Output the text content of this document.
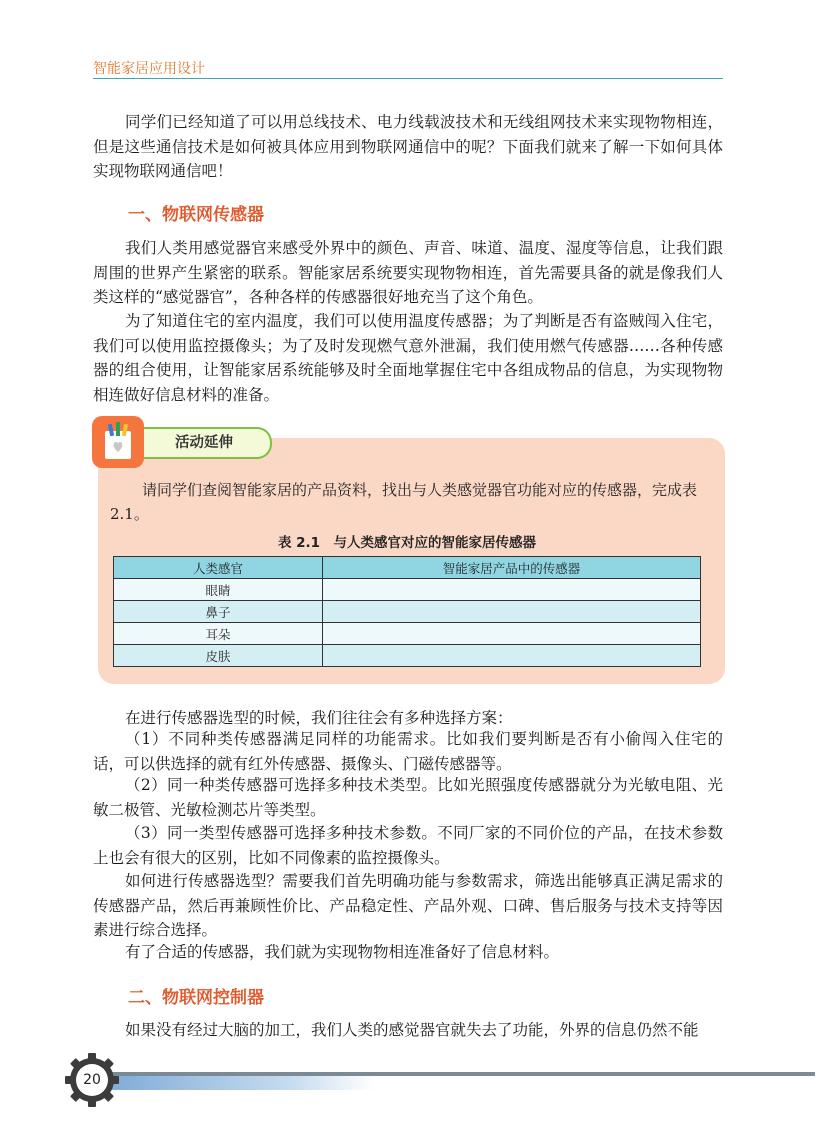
智能家居应用设计

同学们已经知道了可以用总线技术、电力线载波技术和无线组网技术来实现物物相连，但是这些通信技术是如何被具体应用到物联网通信中的呢？下面我们就来了解一下如何具体实现物联网通信吧！

一、物联网传感器

我们人类用感觉器官来感受外界中的颜色、声音、味道、温度、湿度等信息，让我们跟周围的世界产生紧密的联系。智能家居系统要实现物物相连，首先需要具备的就是像我们人类这样的“感觉器官”，各种各样的传感器很好地充当了这个角色。

为了知道住宅的室内温度，我们可以使用温度传感器；为了判断是否有盗贼闯入住宅，我们可以使用监控摄像头；为了及时发现燃气意外泄漏，我们使用燃气传感器……各种传感器的组合使用，让智能家居系统能够及时全面地掌握住宅中各组成物品的信息，为实现物物相连做好信息材料的准备。

活动延伸

请同学们查阅智能家居的产品资料，找出与人类感觉器官功能对应的传感器，完成表 2.1。

表 2.1　与人类感官对应的智能家居传感器
人类感官	智能家居产品中的传感器
眼睛	
鼻子	
耳朵	
皮肤	

在进行传感器选型的时候，我们往往会有多种选择方案：

（1）不同种类传感器满足同样的功能需求。比如我们要判断是否有小偷闯入住宅的话，可以供选择的就有红外传感器、摄像头、门磁传感器等。

（2）同一种类传感器可选择多种技术类型。比如光照强度传感器就分为光敏电阻、光敏二极管、光敏检测芯片等类型。

（3）同一类型传感器可选择多种技术参数。不同厂家的不同价位的产品，在技术参数上也会有很大的区别，比如不同像素的监控摄像头。

如何进行传感器选型？需要我们首先明确功能与参数需求，筛选出能够真正满足需求的传感器产品，然后再兼顾性价比、产品稳定性、产品外观、口碑、售后服务与技术支持等因素进行综合选择。

有了合适的传感器，我们就为实现物物相连准备好了信息材料。

二、物联网控制器

如果没有经过大脑的加工，我们人类的感觉器官就失去了功能，外界的信息仍然不能

20
